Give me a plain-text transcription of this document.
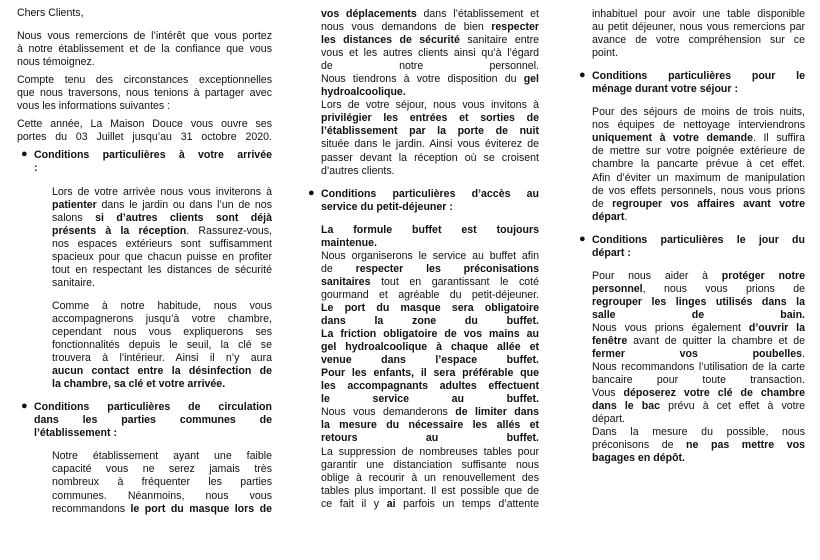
Chers Clients,
Nous vous remercions de l’intérêt que vous portez
à notre établissement et de la confiance que vous
nous témoignez.
Compte tenu des circonstances exceptionnelles
que nous traversons, nous tenions à partager avec
vous les informations suivantes :
Cette année, La Maison Douce vous ouvre ses
portes du 03 Juillet jusqu’au 31 octobre 2020.
● Conditions particulières à votre arrivée
:
Lors de votre arrivée nous vous inviterons à
patienter dans le jardin ou dans l’un de nos
salons si d’autres clients sont déjà
présents à la réception. Rassurez-vous,
nos espaces extérieurs sont suffisamment
spacieux pour que chacun puisse en profiter
tout en respectant les distances de sécurité
sanitaire.
Comme à notre habitude, nous vous
accompagnerons jusqu’à votre chambre,
cependant nous vous expliquerons ses
fonctionnalités depuis le seuil, la clé se
trouvera à l’intérieur. Ainsi il n’y aura
aucun contact entre la désinfection de
la chambre, sa clé et votre arrivée.
● Conditions particulières de circulation
dans les parties communes de
l’établissement :
Notre établissement ayant une faible
capacité vous ne serez jamais très
nombreux à fréquenter les parties
communes. Néanmoins, nous vous
recommandons le port du masque lors de
vos déplacements dans l’établissement et
nous vous demandons de bien respecter
les distances de sécurité sanitaire entre
vous et les autres clients ainsi qu’à l’égard
de notre personnel.
Nous tiendrons à votre disposition du gel
hydroalcoolique.
Lors de votre séjour, nous vous invitons à
privilégier les entrées et sorties de
l’établissement par la porte de nuit
située dans le jardin. Ainsi vous éviterez de
passer devant la réception où se croisent
d’autres clients.
● Conditions particulières d’accès au
service du petit-déjeuner :
La formule buffet est toujours
maintenue.
Nous organiserons le service au buffet afin
de respecter les préconisations
sanitaires tout en garantissant le coté
gourmand et agréable du petit-déjeuner.
Le port du masque sera obligatoire
dans la zone du buffet.
La friction obligatoire de vos mains au
gel hydroalcoolique à chaque allée et
venue dans l’espace buffet.
Pour les enfants, il sera préférable que
les accompagnants adultes effectuent
le service au buffet.
Nous vous demanderons de limiter dans
la mesure du nécessaire les allés et
retours au buffet.
La suppression de nombreuses tables pour
garantir une distanciation suffisante nous
oblige à recourir à un renouvellement des
tables plus important. Il est possible que de
ce fait il y ai parfois un temps d’attente
inhabituel pour avoir une table disponible
au petit déjeuner, nous vous remercions par
avance de votre compréhension sur ce
point.
● Conditions particulières pour le
ménage durant votre séjour :
Pour des séjours de moins de trois nuits,
nos équipes de nettoyage interviendrons
uniquement à votre demande. Il suffira
de mettre sur votre poignée extérieure de
chambre la pancarte prévue à cet effet.
Afin d’éviter un maximum de manipulation
de vos effets personnels, nous vous prions
de regrouper vos affaires avant votre
départ.
● Conditions particulières le jour du
départ :
Pour nous aider à protéger notre
personnel, nous vous prions de
regrouper les linges utilisés dans la
salle de bain.
Nous vous prions également d’ouvrir la
fenêtre avant de quitter la chambre et de
fermer vos poubelles.
Nous recommandons l’utilisation de la carte
bancaire pour toute transaction.
Vous déposerez votre clé de chambre
dans le bac prévu à cet effet à votre
départ.
Dans la mesure du possible, nous
préconisons de ne pas mettre vos
bagages en dépôt.
